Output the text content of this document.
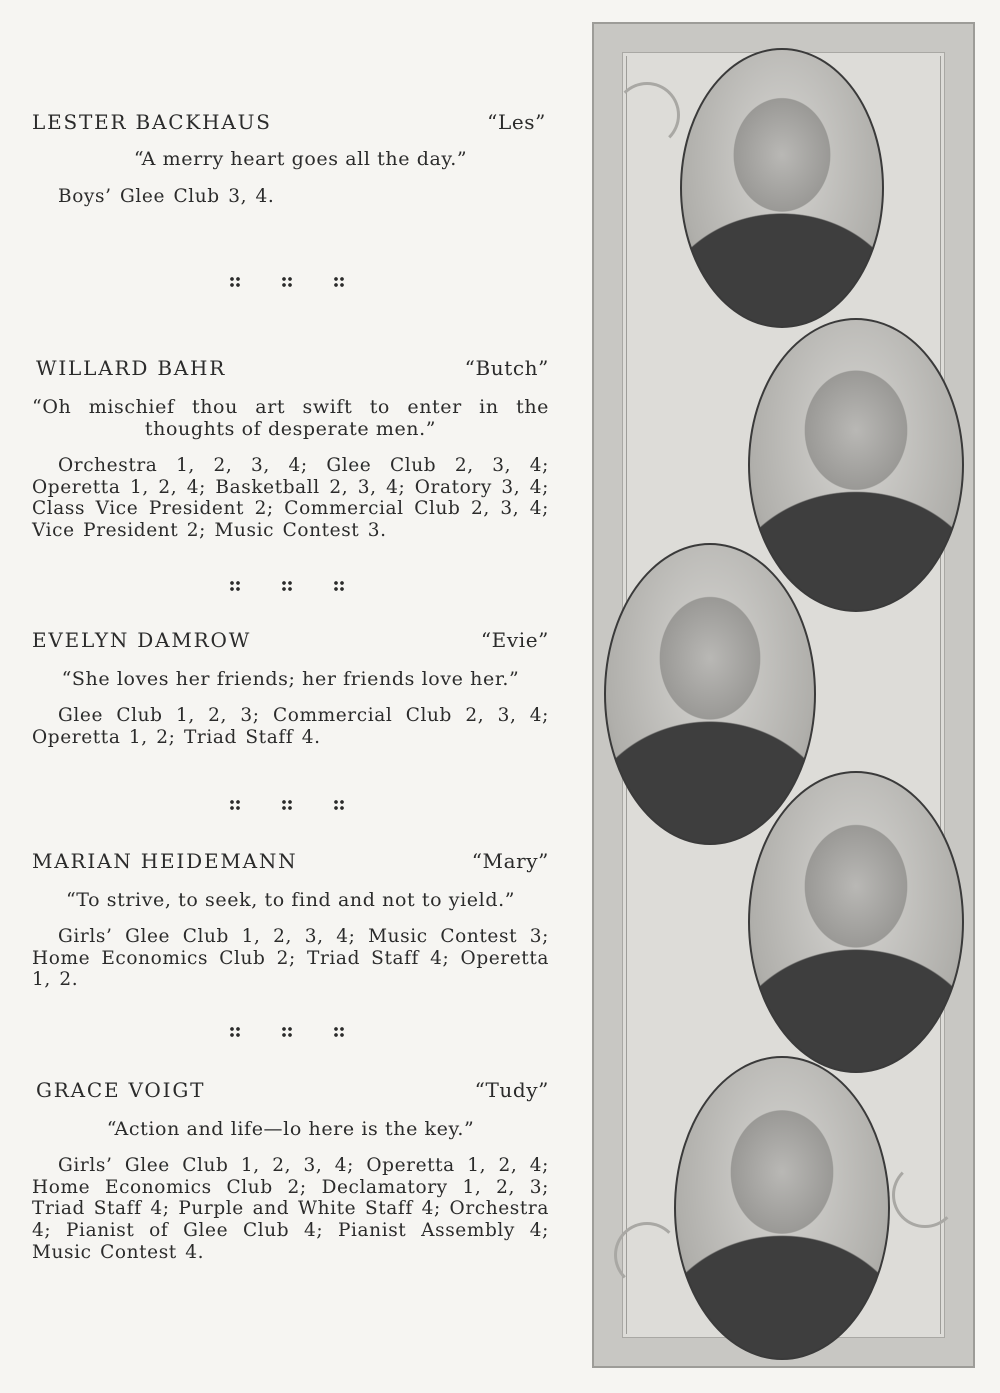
LESTER BACKHAUS	“Les”
“A merry heart goes all the day.”
Boys’ Glee Club 3, 4.
WILLARD BAHR	“Butch”
“Oh mischief thou art swift to enter in the thoughts of desperate men.”
Orchestra 1, 2, 3, 4; Glee Club 2, 3, 4; Operetta 1, 2, 4; Basketball 2, 3, 4; Oratory 3, 4; Class Vice President 2; Commercial Club 2, 3, 4; Vice President 2; Music Contest 3.
EVELYN DAMROW	“Evie”
“She loves her friends; her friends love her.”
Glee Club 1, 2, 3; Commercial Club 2, 3, 4; Operetta 1, 2; Triad Staff 4.
MARIAN HEIDEMANN	“Mary”
“To strive, to seek, to find and not to yield.”
Girls’ Glee Club 1, 2, 3, 4; Music Contest 3; Home Economics Club 2; Triad Staff 4; Operetta 1, 2.
GRACE VOIGT	“Tudy”
“Action and life—lo here is the key.”
Girls’ Glee Club 1, 2, 3, 4; Operetta 1, 2, 4; Home Economics Club 2; Declamatory 1, 2, 3; Triad Staff 4; Purple and White Staff 4; Orchestra 4; Pianist of Glee Club 4; Pianist Assembly 4; Music Contest 4.
